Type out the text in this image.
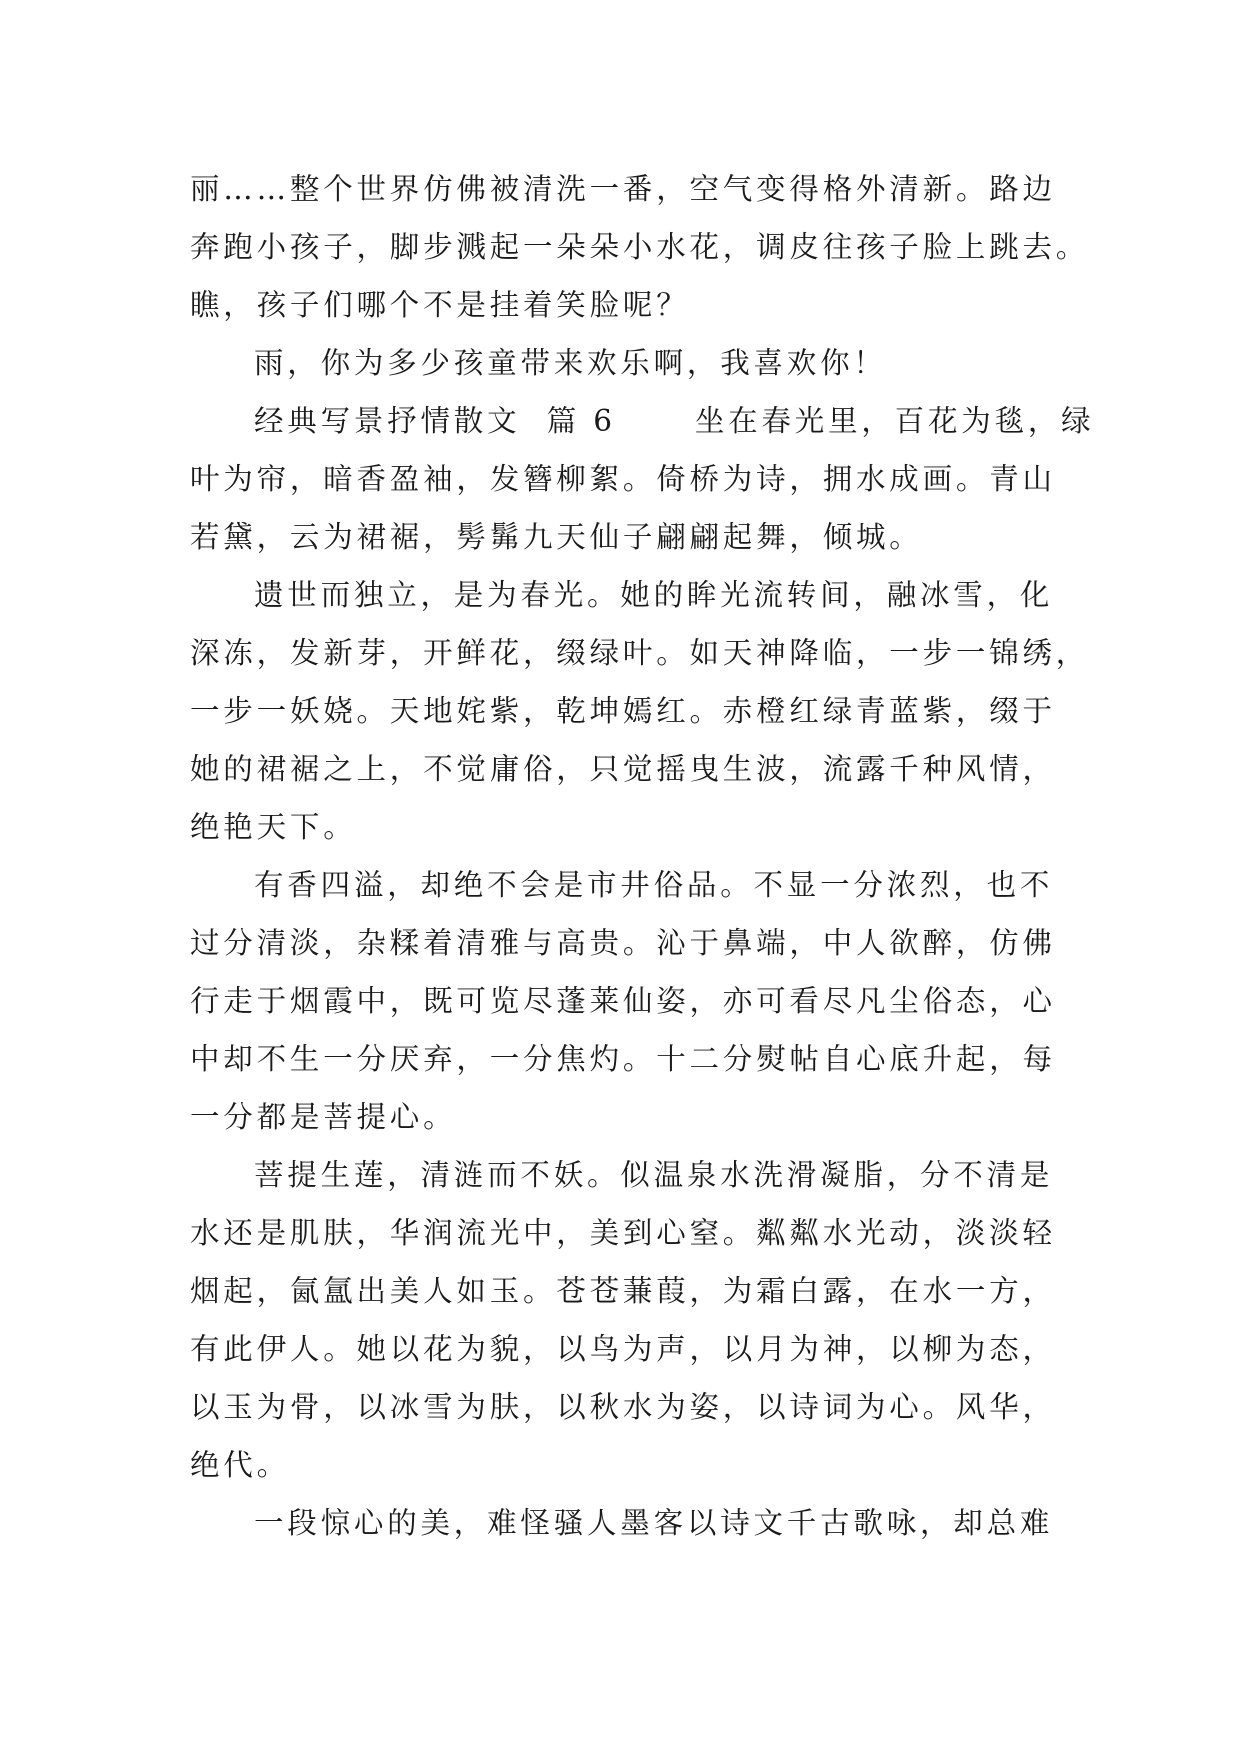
丽……整个世界仿佛被清洗一番，空气变得格外清新。路边

奔跑小孩子，脚步溅起一朵朵小水花，调皮往孩子脸上跳去。

瞧，孩子们哪个不是挂着笑脸呢？

雨，你为多少孩童带来欢乐啊，我喜欢你！

经典写景抒情散文  篇 6      坐在春光里，百花为毯，绿

叶为帘，暗香盈袖，发簪柳絮。倚桥为诗，拥水成画。青山

若黛，云为裙裾，髣髴九天仙子翩翩起舞，倾城。

遗世而独立，是为春光。她的眸光流转间，融冰雪，化

深冻，发新芽，开鲜花，缀绿叶。如天神降临，一步一锦绣，

一步一妖娆。天地姹紫，乾坤嫣红。赤橙红绿青蓝紫，缀于

她的裙裾之上，不觉庸俗，只觉摇曳生波，流露千种风情，

绝艳天下。

有香四溢，却绝不会是市井俗品。不显一分浓烈，也不

过分清淡，杂糅着清雅与高贵。沁于鼻端，中人欲醉，仿佛

行走于烟霞中，既可览尽蓬莱仙姿，亦可看尽凡尘俗态，心

中却不生一分厌弃，一分焦灼。十二分熨帖自心底升起，每

一分都是菩提心。

菩提生莲，清涟而不妖。似温泉水洗滑凝脂，分不清是

水还是肌肤，华润流光中，美到心窒。粼粼水光动，淡淡轻

烟起，氤氲出美人如玉。苍苍蒹葭，为霜白露，在水一方，

有此伊人。她以花为貌，以鸟为声，以月为神，以柳为态，

以玉为骨，以冰雪为肤，以秋水为姿，以诗词为心。风华，

绝代。

一段惊心的美，难怪骚人墨客以诗文千古歌咏，却总难
